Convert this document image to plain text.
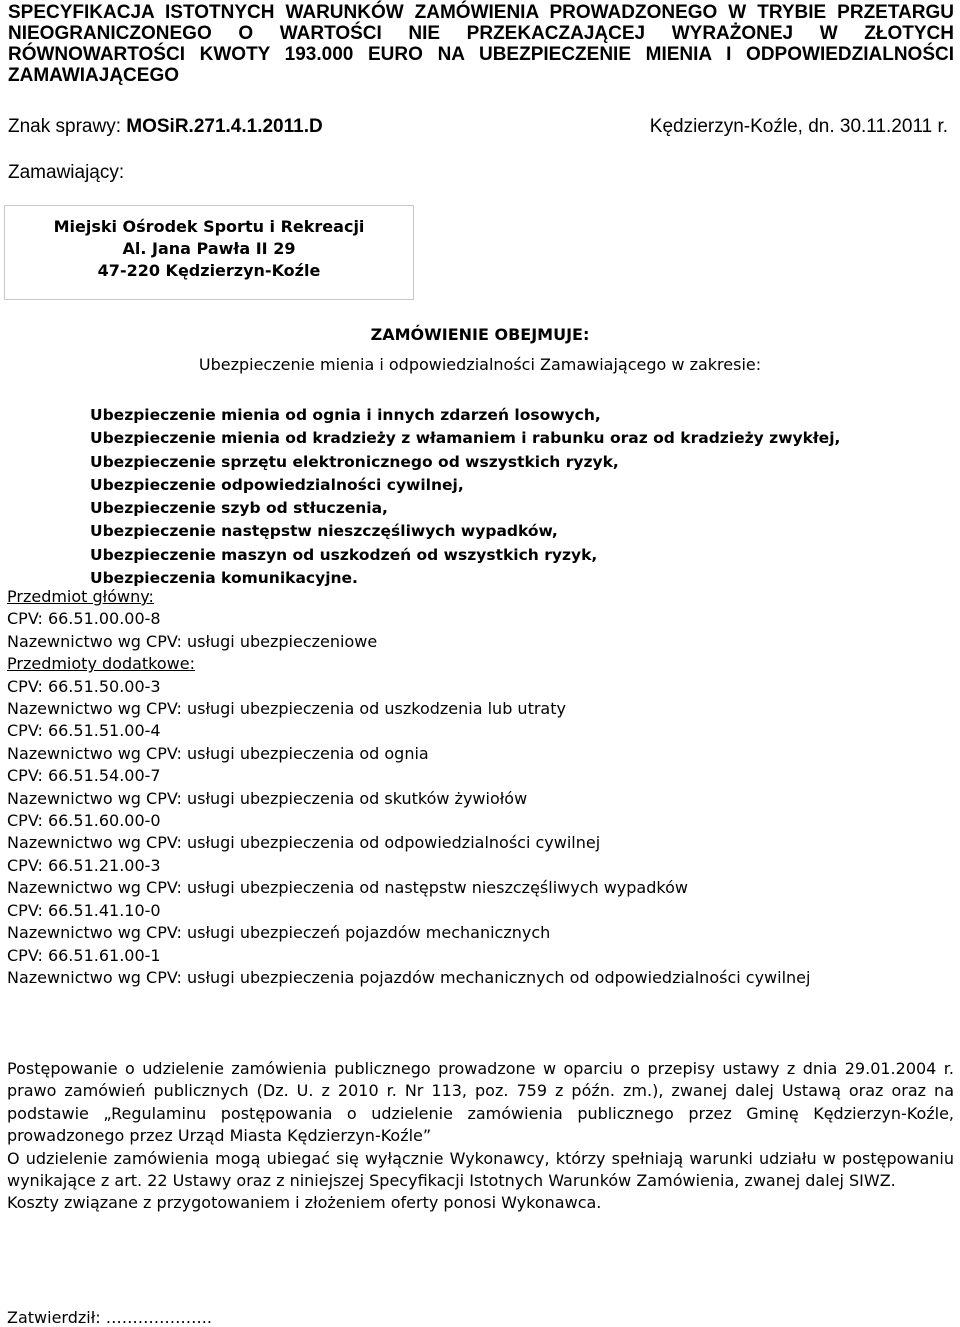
SPECYFIKACJA ISTOTNYCH WARUNKÓW ZAMÓWIENIA PROWADZONEGO W TRYBIE PRZETARGU NIEOGRANICZONEGO O WARTOŚCI NIE PRZEKACZAJĄCEJ WYRAŻONEJ W ZŁOTYCH RÓWNOWARTOŚCI KWOTY 193.000 EURO NA UBEZPIECZENIE MIENIA I ODPOWIEDZIALNOŚCI ZAMAWIAJĄCEGO
Znak sprawy: MOSiR.271.4.1.2011.D	Kędzierzyn-Koźle, dn. 30.11.2011 r.
Zamawiający:
Miejski Ośrodek Sportu i Rekreacji
Al. Jana Pawła II 29
47-220 Kędzierzyn-Koźle
ZAMÓWIENIE OBEJMUJE:
Ubezpieczenie mienia i odpowiedzialności Zamawiającego w zakresie:
Ubezpieczenie mienia od ognia i innych zdarzeń losowych,
Ubezpieczenie mienia od kradzieży z włamaniem i rabunku oraz od kradzieży zwykłej,
Ubezpieczenie sprzętu elektronicznego od wszystkich ryzyk,
Ubezpieczenie odpowiedzialności cywilnej,
Ubezpieczenie szyb od stłuczenia,
Ubezpieczenie następstw nieszczęśliwych wypadków,
Ubezpieczenie maszyn od uszkodzeń od wszystkich ryzyk,
Ubezpieczenia komunikacyjne.
Przedmiot główny:
CPV: 66.51.00.00-8
Nazewnictwo wg CPV: usługi ubezpieczeniowe
Przedmioty dodatkowe:
CPV: 66.51.50.00-3
Nazewnictwo wg CPV: usługi ubezpieczenia od uszkodzenia lub utraty
CPV: 66.51.51.00-4
Nazewnictwo wg CPV: usługi ubezpieczenia od ognia
CPV: 66.51.54.00-7
Nazewnictwo wg CPV: usługi ubezpieczenia od skutków żywiołów
CPV: 66.51.60.00-0
Nazewnictwo wg CPV: usługi ubezpieczenia od odpowiedzialności cywilnej
CPV: 66.51.21.00-3
Nazewnictwo wg CPV: usługi ubezpieczenia od następstw nieszczęśliwych wypadków
CPV: 66.51.41.10-0
Nazewnictwo wg CPV: usługi ubezpieczeń pojazdów mechanicznych
CPV: 66.51.61.00-1
Nazewnictwo wg CPV: usługi ubezpieczenia pojazdów mechanicznych od odpowiedzialności cywilnej

Postępowanie o udzielenie zamówienia publicznego prowadzone w oparciu o przepisy ustawy z dnia 29.01.2004 r. prawo zamówień publicznych (Dz. U. z 2010 r. Nr 113, poz. 759 z późn. zm.), zwanej dalej Ustawą oraz oraz na podstawie „Regulaminu postępowania o udzielenie zamówienia publicznego przez Gminę Kędzierzyn-Koźle, prowadzonego przez Urząd Miasta Kędzierzyn-Koźle”

O udzielenie zamówienia mogą ubiegać się wyłącznie Wykonawcy, którzy spełniają warunki udziału w postępowaniu wynikające z art. 22 Ustawy oraz z niniejszej Specyfikacji Istotnych Warunków Zamówienia, zwanej dalej SIWZ.

Koszty związane z przygotowaniem i złożeniem oferty ponosi Wykonawca.

Zatwierdził: ………………..
